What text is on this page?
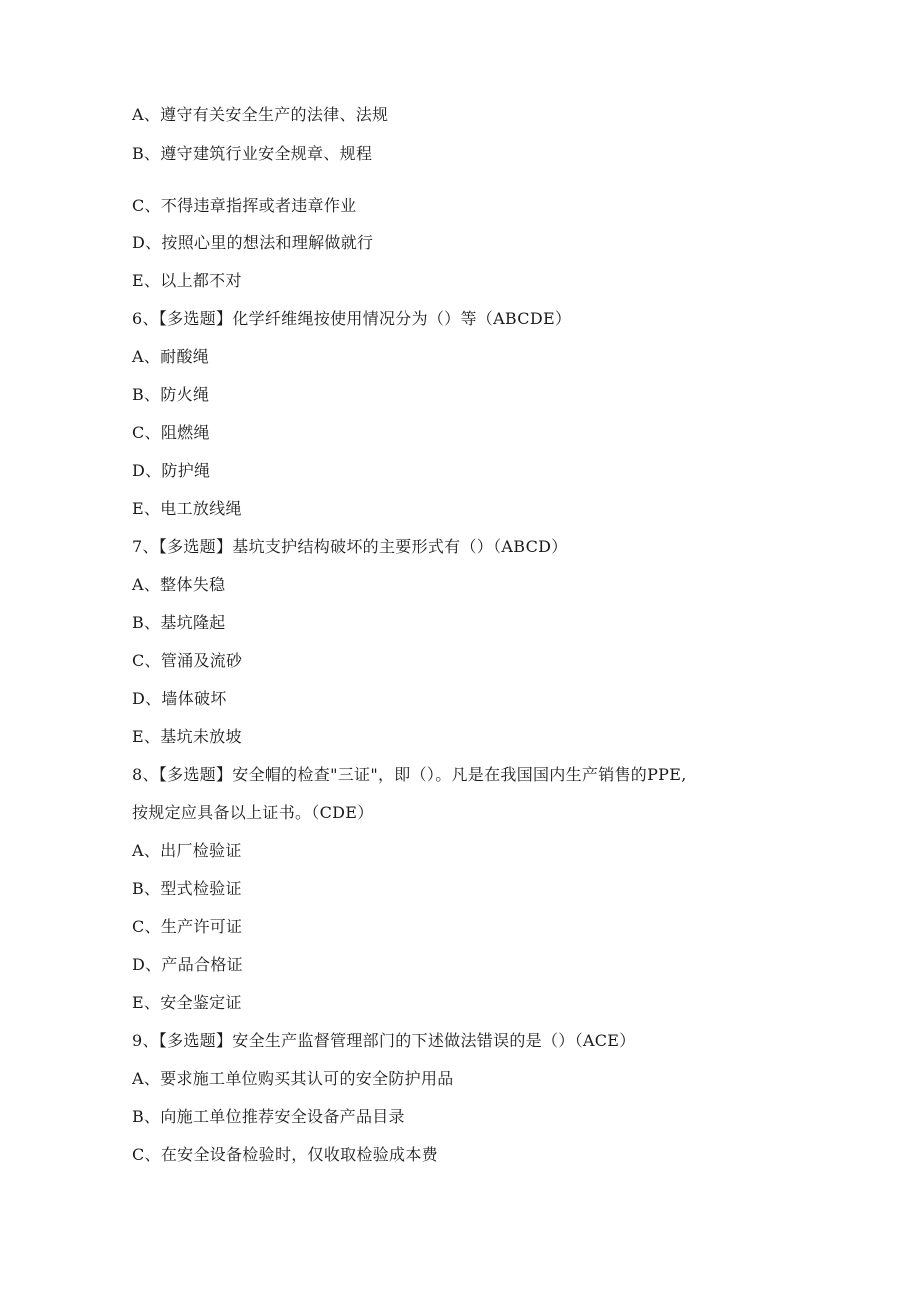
A、遵守有关安全生产的法律、法规
B、遵守建筑行业安全规章、规程
C、不得违章指挥或者违章作业
D、按照心里的想法和理解做就行
E、以上都不对
6、【多选题】化学纤维绳按使用情况分为（）等（ABCDE）
A、耐酸绳
B、防火绳
C、阻燃绳
D、防护绳
E、电工放线绳
7、【多选题】基坑支护结构破坏的主要形式有（）（ABCD）
A、整体失稳
B、基坑隆起
C、管涌及流砂
D、墙体破坏
E、基坑未放坡
8、【多选题】安全帽的检查"三证"，即（）。凡是在我国国内生产销售的PPE,
按规定应具备以上证书。（CDE）
A、出厂检验证
B、型式检验证
C、生产许可证
D、产品合格证
E、安全鉴定证
9、【多选题】安全生产监督管理部门的下述做法错误的是（）（ACE）
A、要求施工单位购买其认可的安全防护用品
B、向施工单位推荐安全设备产品目录
C、在安全设备检验时，仅收取检验成本费
